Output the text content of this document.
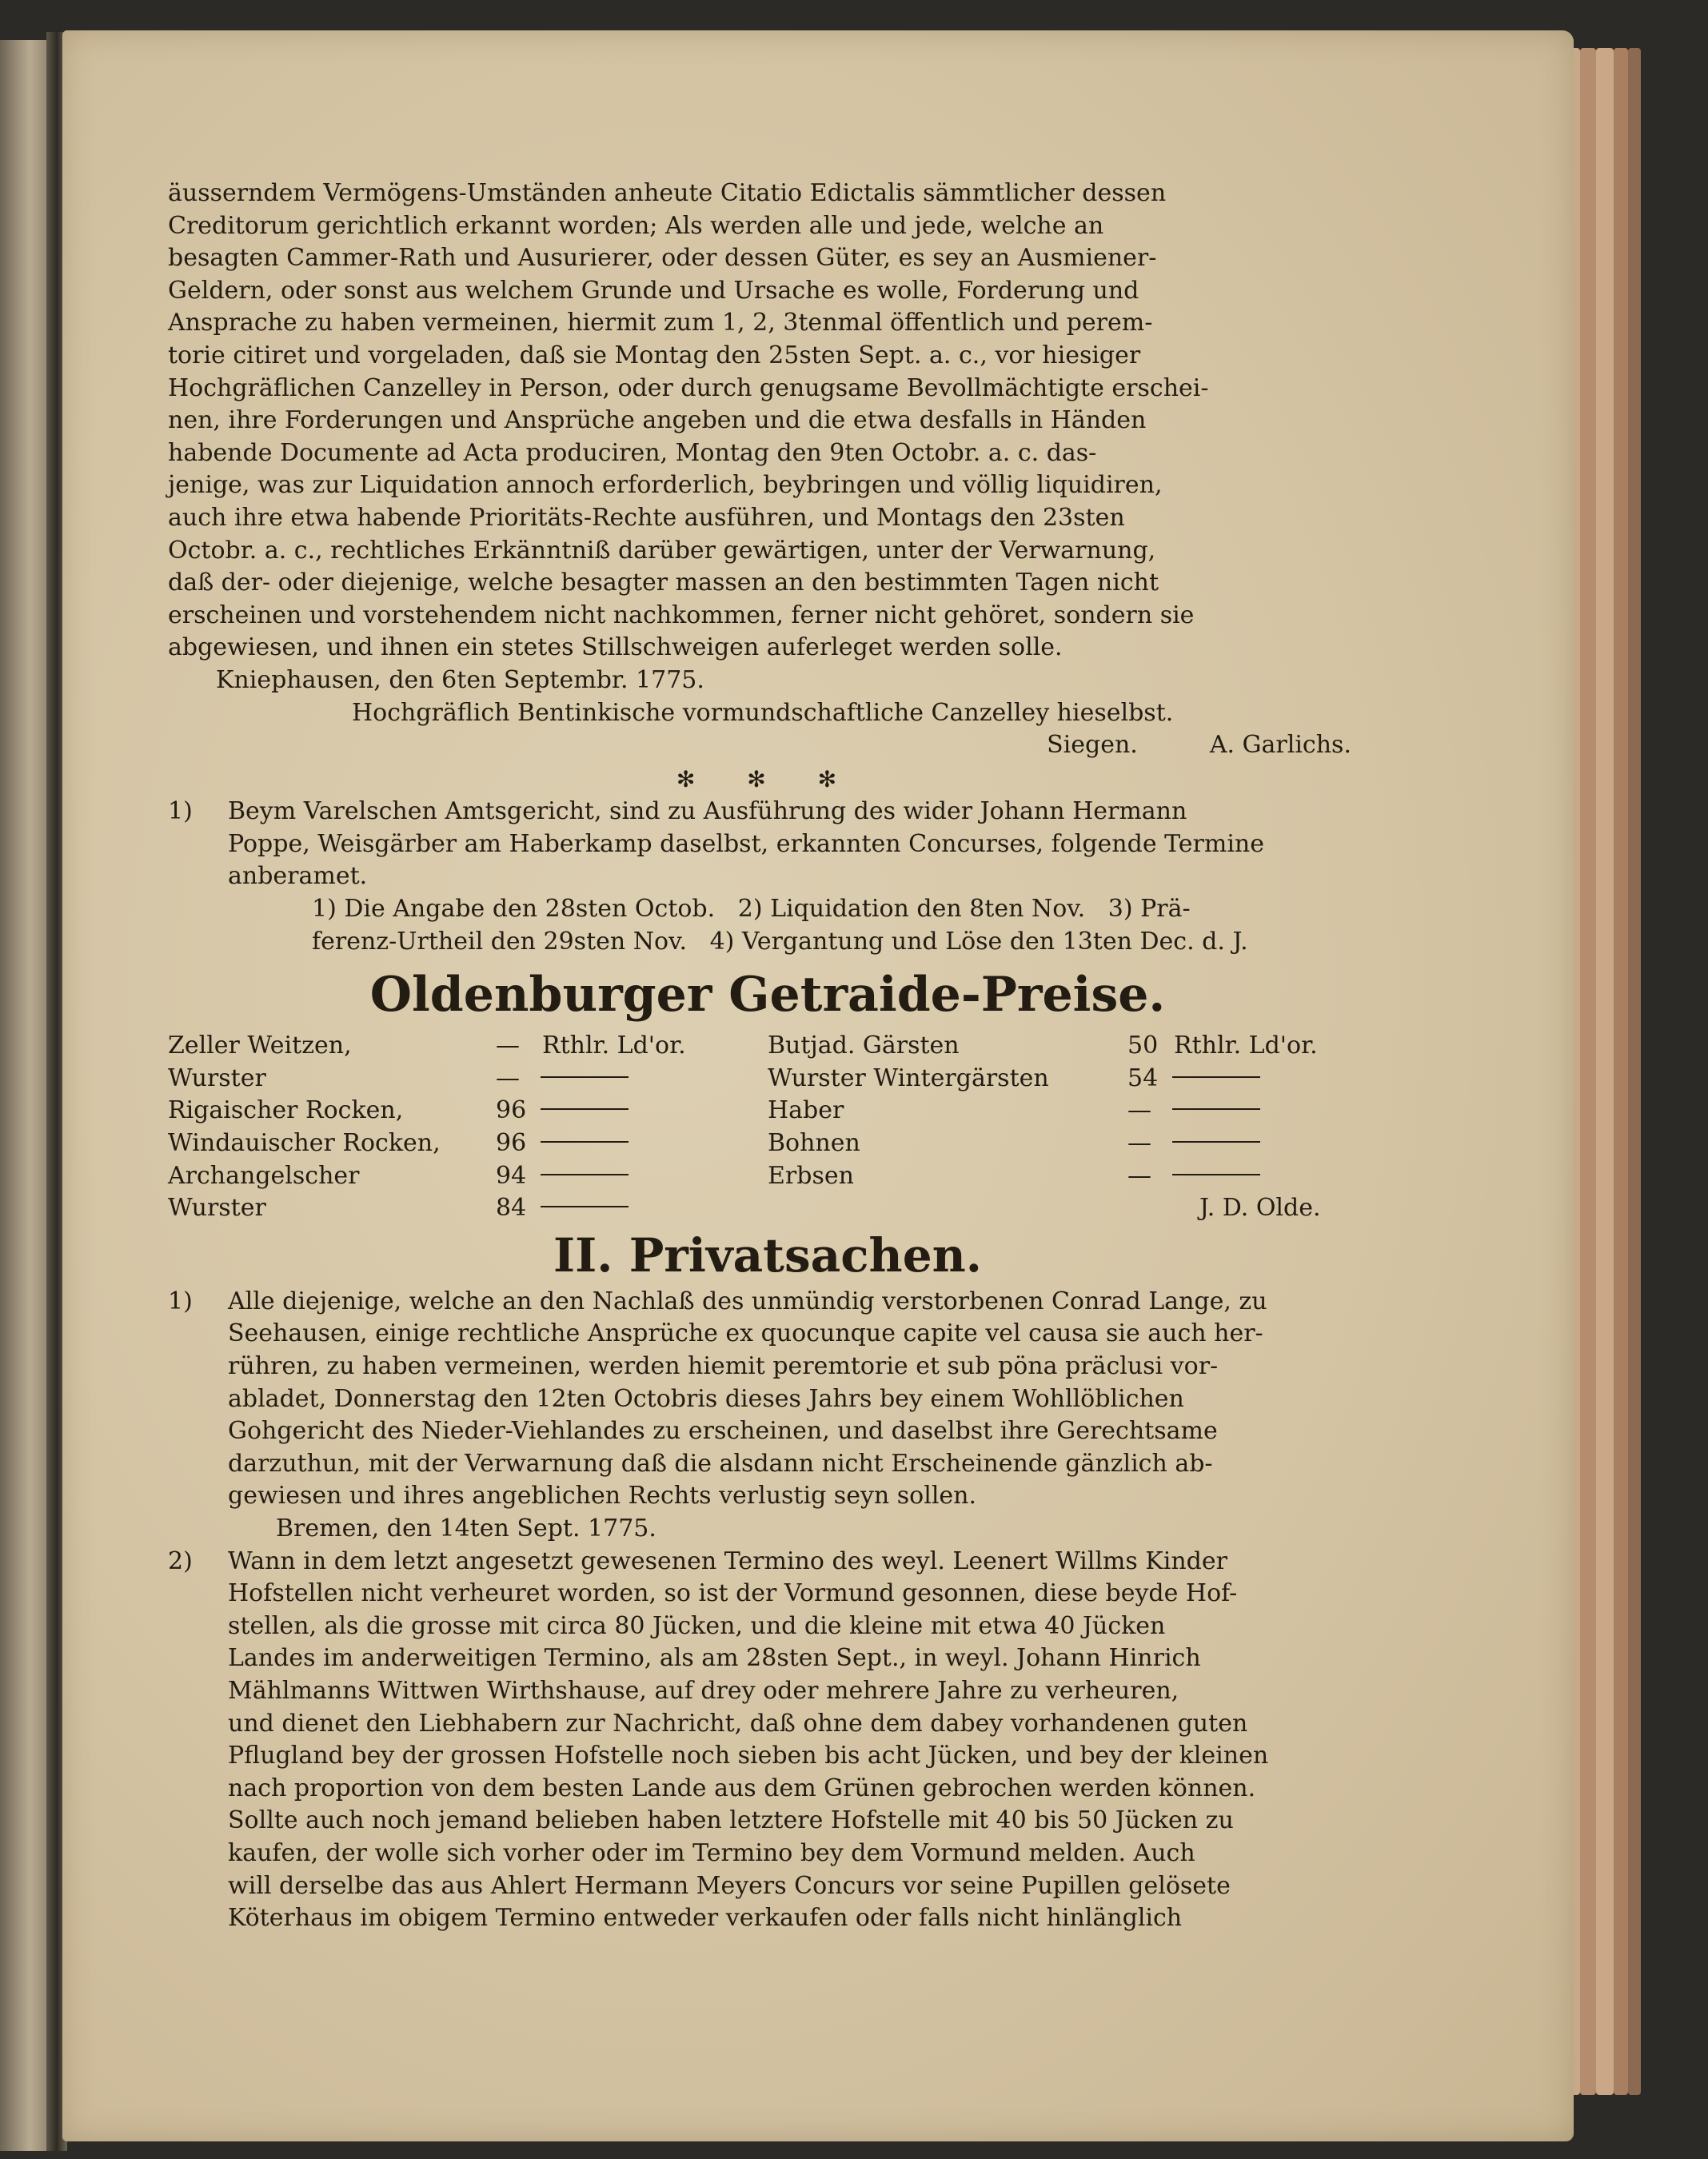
äusserndem Vermögens-Umständen anheute Citatio Edictalis sämmtlicher dessen

Creditorum gerichtlich erkannt worden; Als werden alle und jede, welche an

besagten Cammer-Rath und Ausurierer, oder dessen Güter, es sey an Ausmiener-

Geldern, oder sonst aus welchem Grunde und Ursache es wolle, Forderung und

Ansprache zu haben vermeinen, hiermit zum 1, 2, 3tenmal öffentlich und perem-

torie citiret und vorgeladen, daß sie Montag den 25sten Sept. a. c., vor hiesiger

Hochgräflichen Canzelley in Person, oder durch genugsame Bevollmächtigte erschei-

nen, ihre Forderungen und Ansprüche angeben und die etwa desfalls in Händen

habende Documente ad Acta produciren, Montag den 9ten Octobr. a. c. das-

jenige, was zur Liquidation annoch erforderlich, beybringen und völlig liquidiren,

auch ihre etwa habende Prioritäts-Rechte ausführen, und Montags den 23sten

Octobr. a. c., rechtliches Erkänntniß darüber gewärtigen, unter der Verwarnung,

daß der- oder diejenige, welche besagter massen an den bestimmten Tagen nicht

erscheinen und vorstehendem nicht nachkommen, ferner nicht gehöret, sondern sie

abgewiesen, und ihnen ein stetes Stillschweigen auferleget werden solle.

Kniephausen, den 6ten Septembr. 1775.

Hochgräflich Bentinkische vormundschaftliche Canzelley hieselbst.

Siegen.	A. Garlichs.
✻ ✻ ✻
1)	Beym Varelschen Amtsgericht, sind zu Ausführung des wider Johann Hermann

Poppe, Weisgärber am Haberkamp daselbst, erkannten Concurses, folgende Termine

anberamet.

1) Die Angabe den 28sten Octob.   2) Liquidation den 8ten Nov.   3) Prä-

ferenz-Urtheil den 29sten Nov.   4) Vergantung und Löse den 13ten Dec. d. J.

Oldenburger Getraide-Preise.
Zeller Weitzen,	— Rthlr. Ld'or.
Wurster	—
Rigaischer Rocken,	96
Windauischer Rocken,	96
Archangelscher	94
Wurster	84
Butjad. Gärsten	50 Rthlr. Ld'or.
Wurster Wintergärsten	54
Haber	—
Bohnen	—
Erbsen	—
J. D. Olde.
II. Privatsachen.
1)	Alle diejenige, welche an den Nachlaß des unmündig verstorbenen Conrad Lange, zu

Seehausen, einige rechtliche Ansprüche ex quocunque capite vel causa sie auch her-

rühren, zu haben vermeinen, werden hiemit peremtorie et sub pöna präclusi vor-

abladet, Donnerstag den 12ten Octobris dieses Jahrs bey einem Wohllöblichen

Gohgericht des Nieder-Viehlandes zu erscheinen, und daselbst ihre Gerechtsame

darzuthun, mit der Verwarnung daß die alsdann nicht Erscheinende gänzlich ab-

gewiesen und ihres angeblichen Rechts verlustig seyn sollen.

Bremen, den 14ten Sept. 1775.

2)	Wann in dem letzt angesetzt gewesenen Termino des weyl. Leenert Willms Kinder

Hofstellen nicht verheuret worden, so ist der Vormund gesonnen, diese beyde Hof-

stellen, als die grosse mit circa 80 Jücken, und die kleine mit etwa 40 Jücken

Landes im anderweitigen Termino, als am 28sten Sept., in weyl. Johann Hinrich

Mählmanns Wittwen Wirthshause, auf drey oder mehrere Jahre zu verheuren,

und dienet den Liebhabern zur Nachricht, daß ohne dem dabey vorhandenen guten

Pflugland bey der grossen Hofstelle noch sieben bis acht Jücken, und bey der kleinen

nach proportion von dem besten Lande aus dem Grünen gebrochen werden können.

Sollte auch noch jemand belieben haben letztere Hofstelle mit 40 bis 50 Jücken zu

kaufen, der wolle sich vorher oder im Termino bey dem Vormund melden. Auch

will derselbe das aus Ahlert Hermann Meyers Concurs vor seine Pupillen gelösete

Köterhaus im obigem Termino entweder verkaufen oder falls nicht hinlänglich
